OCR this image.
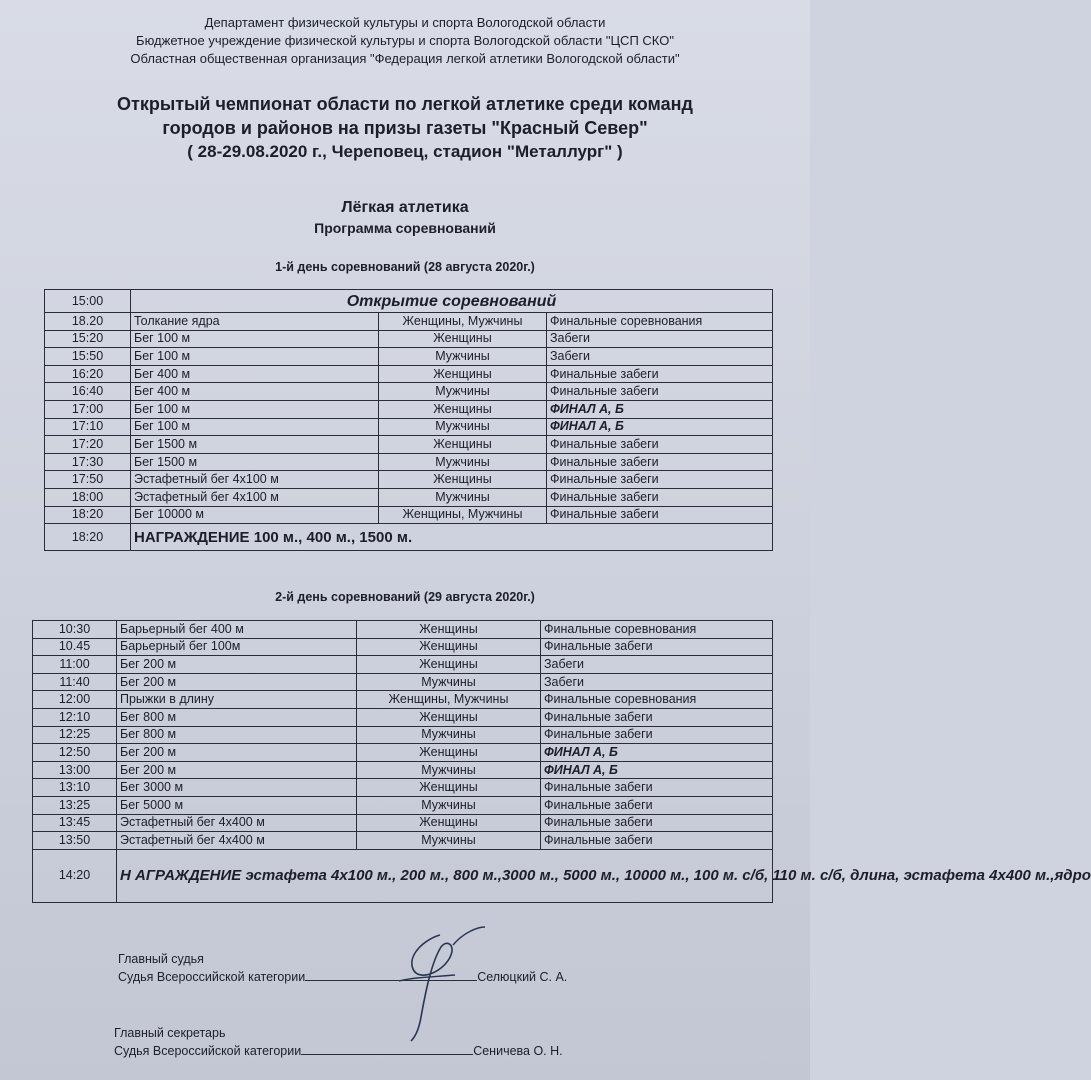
Департамент физической культуры и спорта Вологодской области
Бюджетное учреждение физической культуры и спорта Вологодской области "ЦСП СКО"
Областная общественная организация "Федерация легкой атлетики Вологодской области"
Открытый чемпионат области по легкой атлетике среди команд
городов и районов на призы газеты "Красный Север"
( 28-29.08.2020 г., Череповец, стадион "Металлург" )
Лёгкая атлетика
Программа соревнований
1-й день соревнований (28 августа 2020г.)
15:00	Открытие соревнований		
18.20	Толкание ядра	Женщины, Мужчины	Финальные соревнования
15:20	Бег 100 м	Женщины	Забеги
15:50	Бег 100 м	Мужчины	Забеги
16:20	Бег 400 м	Женщины	Финальные забеги
16:40	Бег 400 м	Мужчины	Финальные забеги
17:00	Бег 100 м	Женщины	ФИНАЛ А, Б
17:10	Бег 100 м	Мужчины	ФИНАЛ А, Б
17:20	Бег 1500 м	Женщины	Финальные забеги
17:30	Бег 1500 м	Мужчины	Финальные забеги
17:50	Эстафетный бег 4х100 м	Женщины	Финальные забеги
18:00	Эстафетный бег 4х100 м	Мужчины	Финальные забеги
18:20	Бег 10000 м	Женщины, Мужчины	Финальные забеги
18:20	НАГРАЖДЕНИЕ 100 м., 400 м., 1500 м.		
2-й день соревнований (29 августа 2020г.)
10:30	Барьерный бег 400 м	Женщины	Финальные соревнования
10.45	Барьерный бег 100м	Женщины	Финальные забеги
11:00	Бег 200 м	Женщины	Забеги
11:40	Бег 200 м	Мужчины	Забеги
12:00	Прыжки в длину	Женщины, Мужчины	Финальные соревнования
12:10	Бег 800 м	Женщины	Финальные забеги
12:25	Бег 800 м	Мужчины	Финальные забеги
12:50	Бег 200 м	Женщины	ФИНАЛ А, Б
13:00	Бег 200 м	Мужчины	ФИНАЛ А, Б
13:10	Бег 3000 м	Женщины	Финальные забеги
13:25	Бег 5000 м	Мужчины	Финальные забеги
13:45	Эстафетный бег 4х400 м	Женщины	Финальные забеги
13:50	Эстафетный бег 4х400 м	Мужчины	Финальные забеги
14:20	Н АГРАЖДЕНИЕ эстафета 4х100 м., 200 м., 800 м.,3000 м., 5000 м., 10000 м., 100 м. с/б, 110 м. с/б, длина, эстафета 4х400 м.,ядро		
Главный судья
Судья Всероссийской категории	Селюцкий С. А.
Главный секретарь
Судья Всероссийской категории	Сеничева О. Н.
